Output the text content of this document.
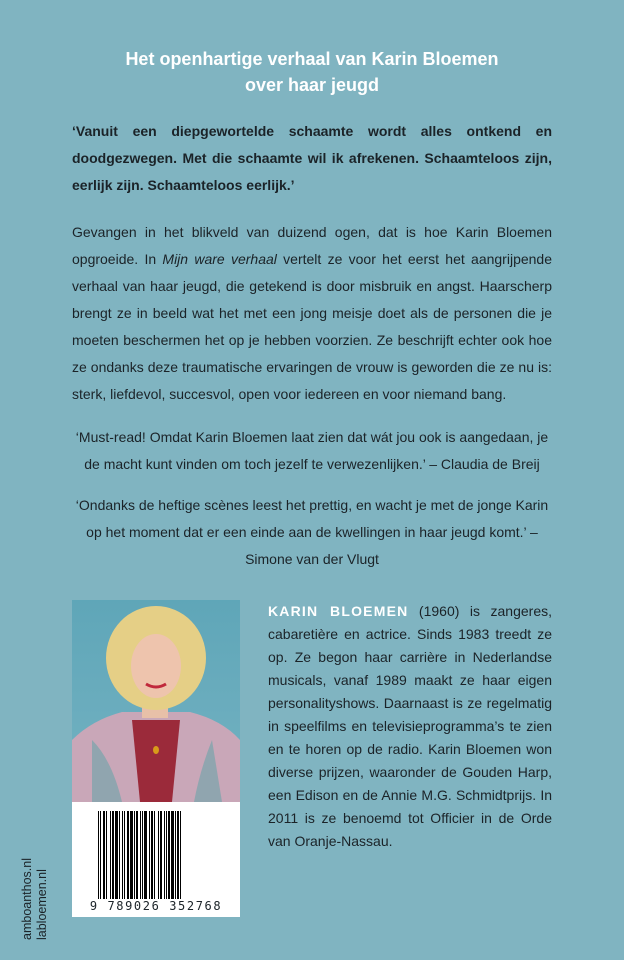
Het openhartige verhaal van Karin Bloemen
over haar jeugd
‘Vanuit een diepgewortelde schaamte wordt alles ontkend en doodgezwegen. Met die schaamte wil ik afrekenen. Schaamteloos zijn, eerlijk zijn. Schaamteloos eerlijk.’
Gevangen in het blikveld van duizend ogen, dat is hoe Karin Bloemen opgroeide. In Mijn ware verhaal vertelt ze voor het eerst het aangrijpende verhaal van haar jeugd, die getekend is door misbruik en angst. Haarscherp brengt ze in beeld wat het met een jong meisje doet als de personen die je moeten beschermen het op je hebben voorzien. Ze beschrijft echter ook hoe ze ondanks deze traumatische ervaringen de vrouw is geworden die ze nu is: sterk, liefdevol, succesvol, open voor iedereen en voor niemand bang.
‘Must-read! Omdat Karin Bloemen laat zien dat wát jou ook is aangedaan, je de macht kunt vinden om toch jezelf te verwezenlijken.’ – Claudia de Breij
‘Ondanks de heftige scènes leest het prettig, en wacht je met de jonge Karin op het moment dat er een einde aan de kwellingen in haar jeugd komt.’ – Simone van der Vlugt
9 789026 352768
KARIN BLOEMEN (1960) is zangeres, cabaretière en actrice. Sinds 1983 treedt ze op. Ze begon haar carrière in Nederlandse musicals, vanaf 1989 maakt ze haar eigen personalityshows. Daarnaast is ze regelmatig in speelfilms en televisieprogramma’s te zien en te horen op de radio. Karin Bloemen won diverse prijzen, waaronder de Gouden Harp, een Edison en de Annie M.G. Schmidtprijs. In 2011 is ze benoemd tot Officier in de Orde van Oranje-Nassau.
amboanthos.nl labloemen.nl
